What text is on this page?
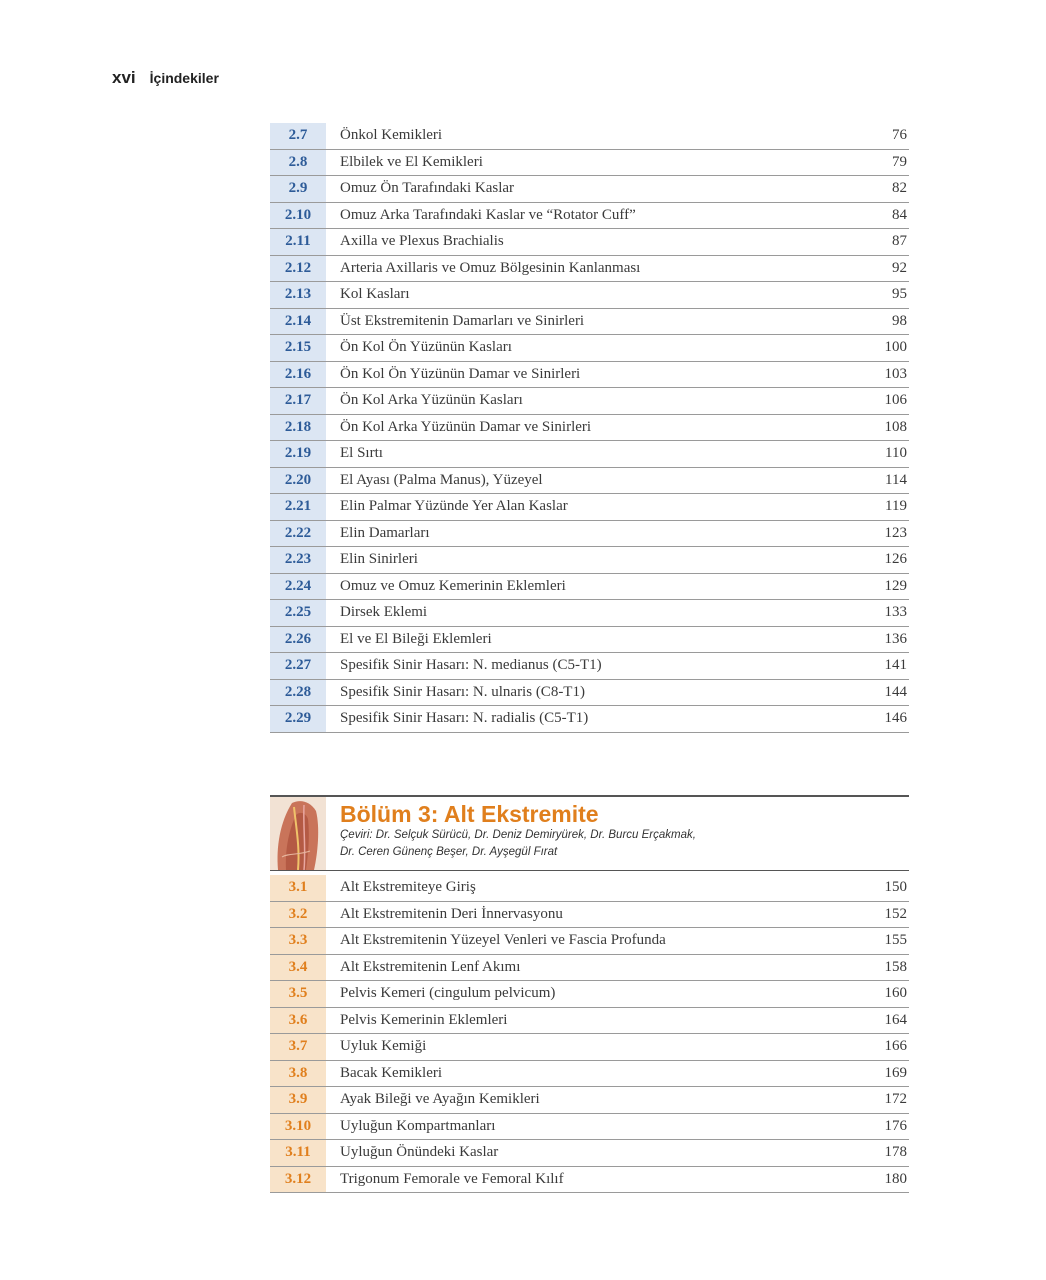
xvi İçindekiler
2.7	Önkol Kemikleri	76
2.8	Elbilek ve El Kemikleri	79
2.9	Omuz Ön Tarafındaki Kaslar	82
2.10	Omuz Arka Tarafındaki Kaslar ve “Rotator Cuff”	84
2.11	Axilla ve Plexus Brachialis	87
2.12	Arteria Axillaris ve Omuz Bölgesinin Kanlanması	92
2.13	Kol Kasları	95
2.14	Üst Ekstremitenin Damarları ve Sinirleri	98
2.15	Ön Kol Ön Yüzünün Kasları	100
2.16	Ön Kol Ön Yüzünün Damar ve Sinirleri	103
2.17	Ön Kol Arka Yüzünün Kasları	106
2.18	Ön Kol Arka Yüzünün Damar ve Sinirleri	108
2.19	El Sırtı	110
2.20	El Ayası (Palma Manus), Yüzeyel	114
2.21	Elin Palmar Yüzünde Yer Alan Kaslar	119
2.22	Elin Damarları	123
2.23	Elin Sinirleri	126
2.24	Omuz ve Omuz Kemerinin Eklemleri	129
2.25	Dirsek Eklemi	133
2.26	El ve El Bileği Eklemleri	136
2.27	Spesifik Sinir Hasarı: N. medianus (C5-T1)	141
2.28	Spesifik Sinir Hasarı: N. ulnaris (C8-T1)	144
2.29	Spesifik Sinir Hasarı: N. radialis (C5-T1)	146
Bölüm 3: Alt Ekstremite
Çeviri: Dr. Selçuk Sürücü, Dr. Deniz Demiryürek, Dr. Burcu Erçakmak,
Dr. Ceren Günenç Beşer, Dr. Ayşegül Fırat
3.1	Alt Ekstremiteye Giriş	150
3.2	Alt Ekstremitenin Deri İnnervasyonu	152
3.3	Alt Ekstremitenin Yüzeyel Venleri ve Fascia Profunda	155
3.4	Alt Ekstremitenin Lenf Akımı	158
3.5	Pelvis Kemeri (cingulum pelvicum)	160
3.6	Pelvis Kemerinin Eklemleri	164
3.7	Uyluk Kemiği	166
3.8	Bacak Kemikleri	169
3.9	Ayak Bileği ve Ayağın Kemikleri	172
3.10	Uyluğun Kompartmanları	176
3.11	Uyluğun Önündeki Kaslar	178
3.12	Trigonum Femorale ve Femoral Kılıf	180
